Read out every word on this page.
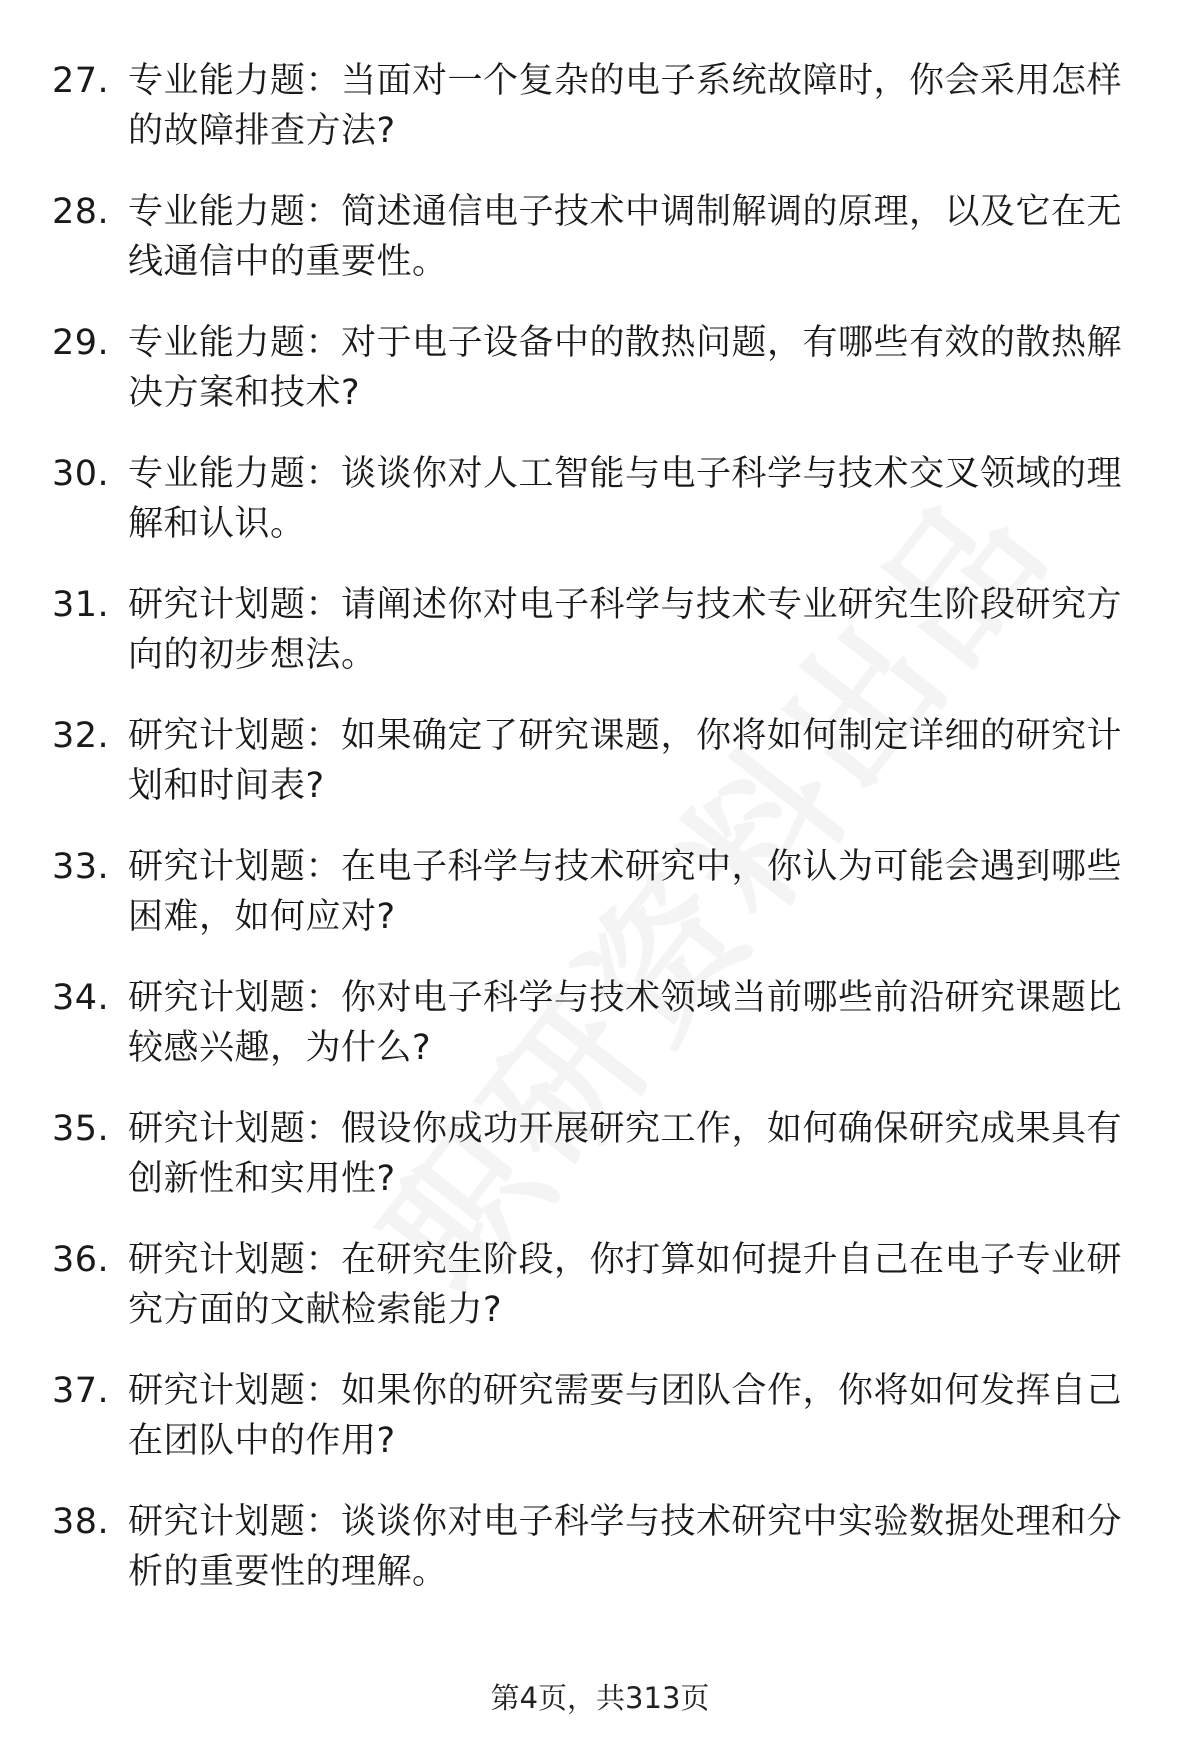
27. 专业能力题：当面对一个复杂的电子系统故障时，你会采用怎样的故障排查方法?
28. 专业能力题：简述通信电子技术中调制解调的原理，以及它在无线通信中的重要性。
29. 专业能力题：对于电子设备中的散热问题，有哪些有效的散热解决方案和技术?
30. 专业能力题：谈谈你对人工智能与电子科学与技术交叉领域的理解和认识。
31. 研究计划题：请阐述你对电子科学与技术专业研究生阶段研究方向的初步想法。
32. 研究计划题：如果确定了研究课题，你将如何制定详细的研究计划和时间表?
33. 研究计划题：在电子科学与技术研究中，你认为可能会遇到哪些困难，如何应对?
34. 研究计划题：你对电子科学与技术领域当前哪些前沿研究课题比较感兴趣，为什么?
35. 研究计划题：假设你成功开展研究工作，如何确保研究成果具有创新性和实用性?
36. 研究计划题：在研究生阶段，你打算如何提升自己在电子专业研究方面的文献检索能力?
37. 研究计划题：如果你的研究需要与团队合作，你将如何发挥自己在团队中的作用?
38. 研究计划题：谈谈你对电子科学与技术研究中实验数据处理和分析的重要性的理解。
第4页，共313页
